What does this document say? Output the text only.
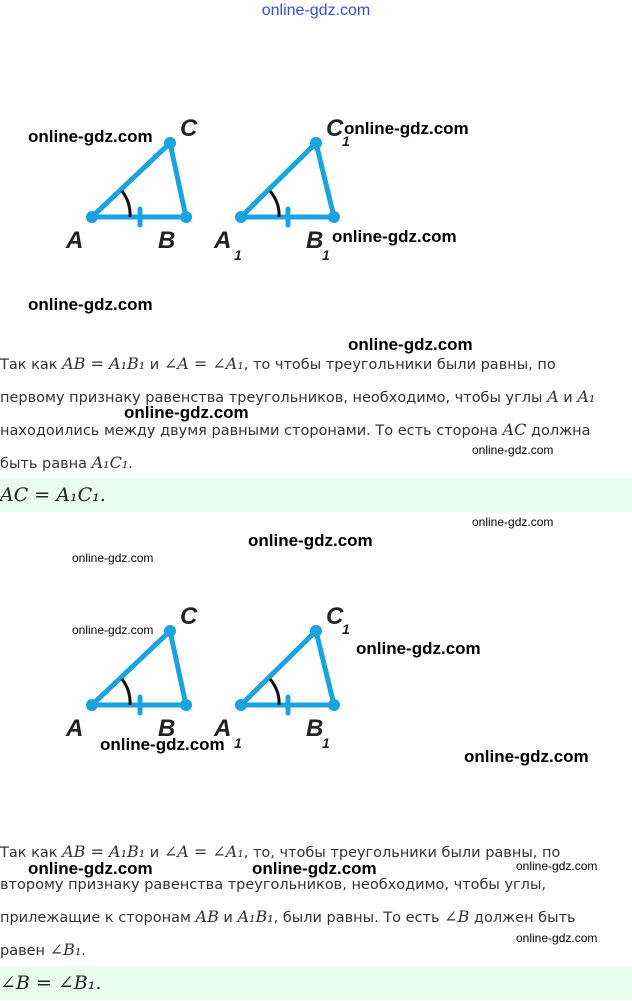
online-gdz.com
A	B
C
A
1
B
1
C
1
Так как AB = A₁B₁ и ∠A = ∠A₁, то чтобы треугольники были равны, по
первому признаку равенства треугольников, необходимо, чтобы углы A и A₁
находоились между двумя равными сторонами. То есть сторона AC должна
быть равна A₁C₁.
AC = A₁C₁.
A	B
C
A
1
B
1
C
1
Так как AB = A₁B₁ и ∠A = ∠A₁, то, чтобы треугольники были равны, по
второму признаку равенства треугольников, необходимо, чтобы углы,
прилежащие к сторонам AB и A₁B₁, были равны. То есть ∠B должен быть
равен ∠B₁.
∠B = ∠B₁.
online-gdz.com	online-gdz.com
online-gdz.com
online-gdz.com
online-gdz.com
online-gdz.com
online-gdz.com
online-gdz.com
online-gdz.com
online-gdz.com
online-gdz.com
online-gdz.com
online-gdz.com
online-gdz.com
online-gdz.com	online-gdz.com	online-gdz.com
online-gdz.com
